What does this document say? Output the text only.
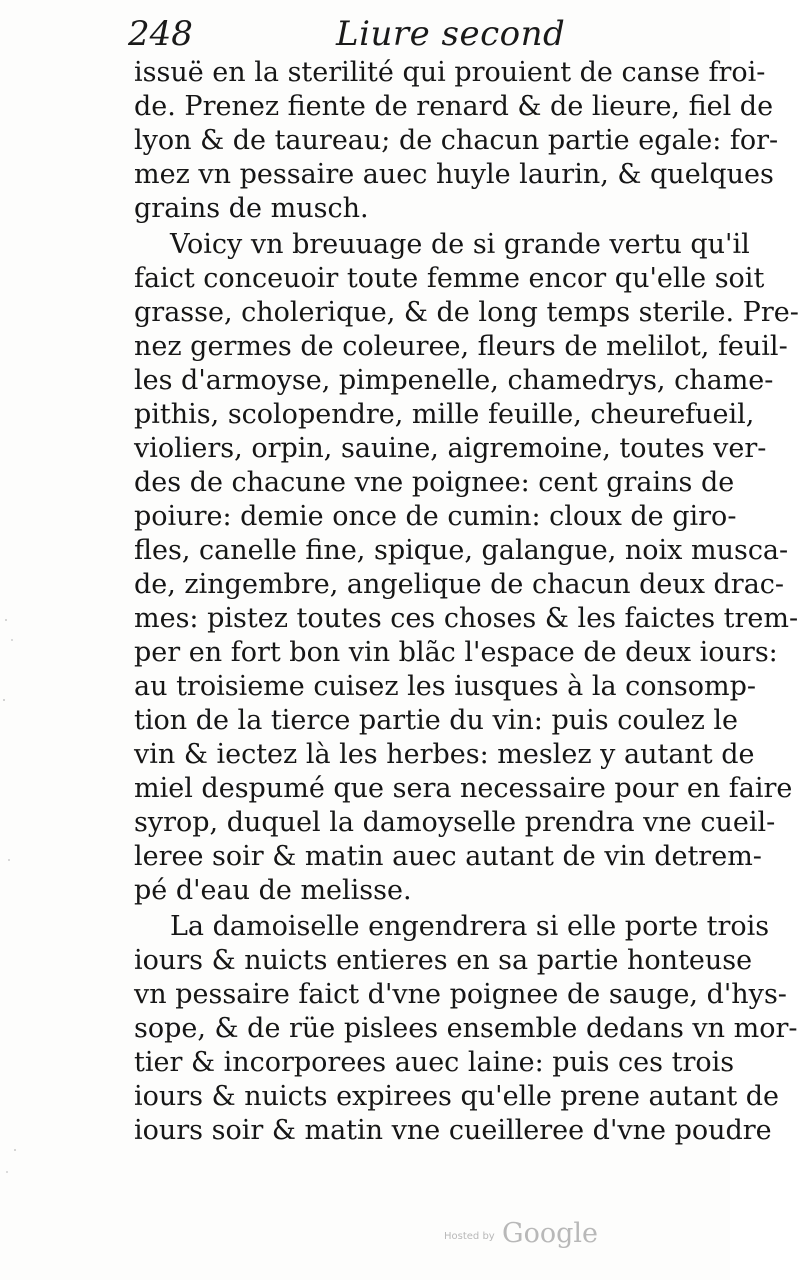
248	Liure second
issuë en la sterilité qui prouient de canse froi-
de. Prenez fiente de renard & de lieure, fiel de
lyon & de taureau; de chacun partie egale: for-
mez vn pessaire auec huyle laurin, & quelques
grains de musch.
Voicy vn breuuage de si grande vertu qu'il
faict conceuoir toute femme encor qu'elle soit
grasse, cholerique, & de long temps sterile. Pre-
nez germes de coleuree, fleurs de melilot, feuil-
les d'armoyse, pimpenelle, chamedrys, chame-
pithis, scolopendre, mille feuille, cheurefueil,
violiers, orpin, sauine, aigremoine, toutes ver-
des de chacune vne poignee: cent grains de
poiure: demie once de cumin: cloux de giro-
fles, canelle fine, spique, galangue, noix musca-
de, zingembre, angelique de chacun deux drac-
mes: pistez toutes ces choses & les faictes trem-
per en fort bon vin blãc l'espace de deux iours:
au troisieme cuisez les iusques à la consomp-
tion de la tierce partie du vin: puis coulez le
vin & iectez là les herbes: meslez y autant de
miel despumé que sera necessaire pour en faire
syrop, duquel la damoyselle prendra vne cueil-
leree soir & matin auec autant de vin detrem-
pé d'eau de melisse.
La damoiselle engendrera si elle porte trois
iours & nuicts entieres en sa partie honteuse
vn pessaire faict d'vne poignee de sauge, d'hys-
sope, & de rüe pislees ensemble dedans vn mor-
tier & incorporees auec laine: puis ces trois
iours & nuicts expirees qu'elle prene autant de
iours soir & matin vne cueilleree d'vne poudre
Hosted by Google
